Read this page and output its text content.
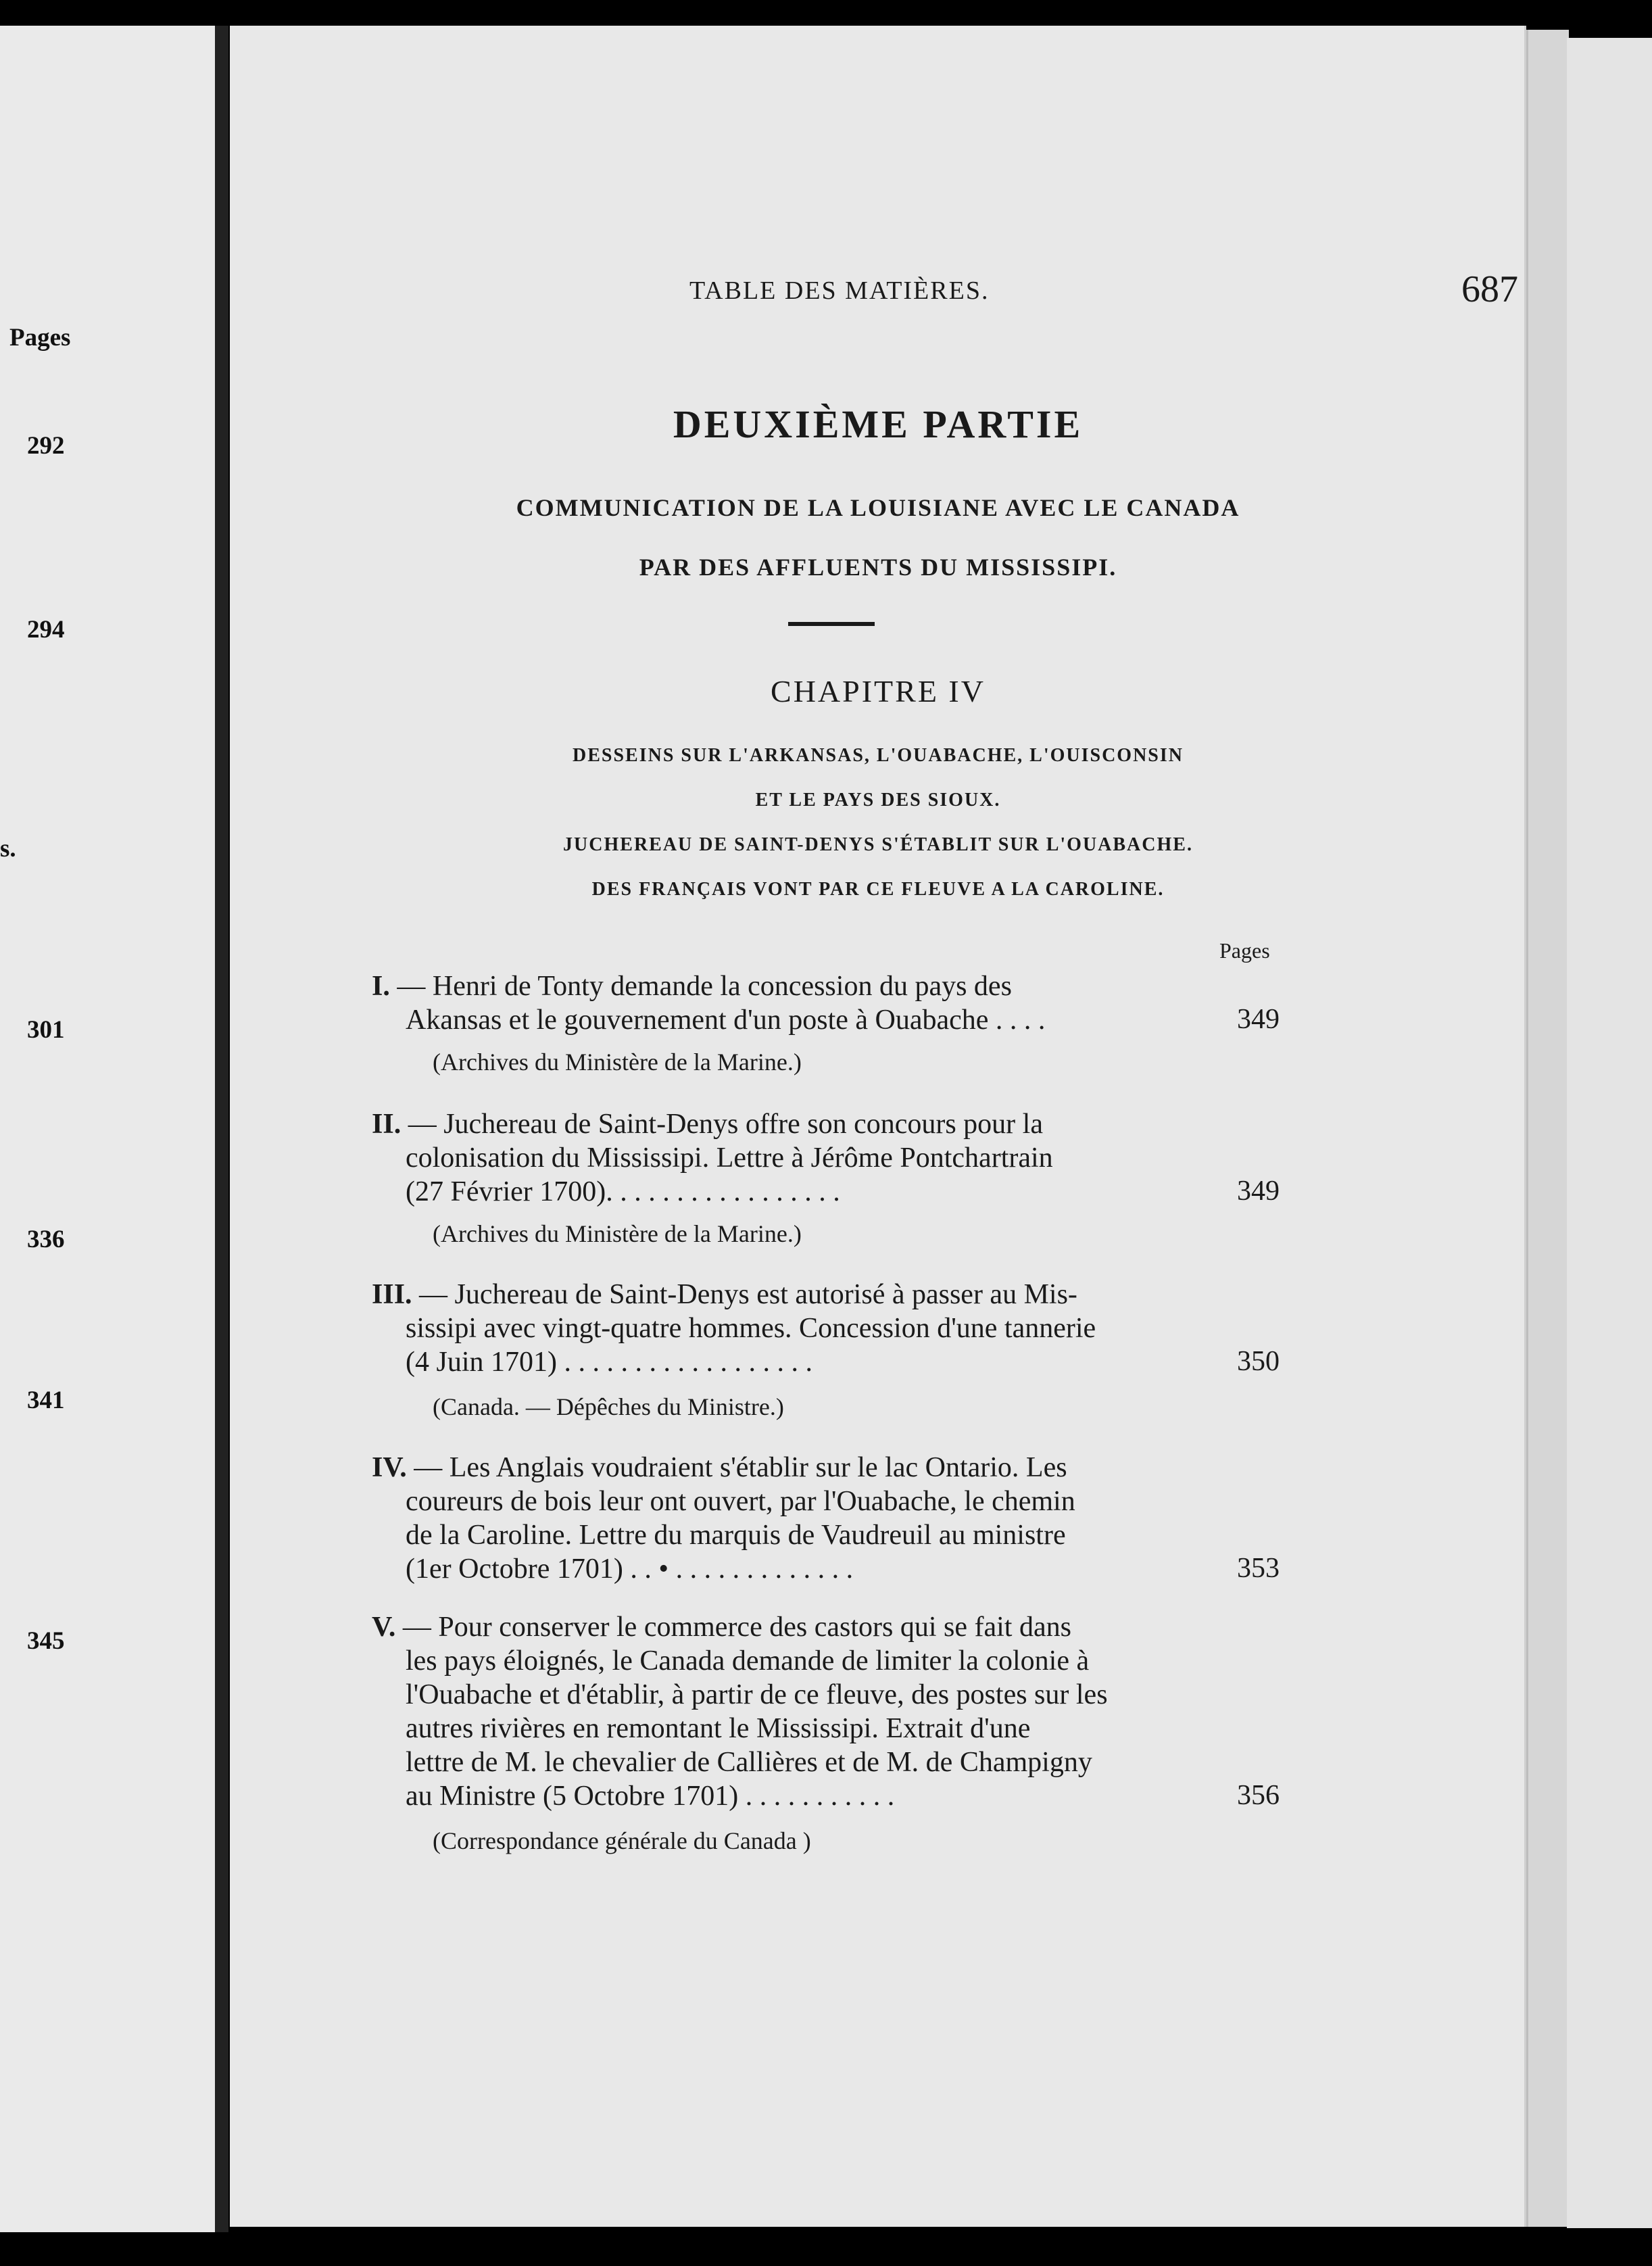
Pages
292
294
s.
301
336
341
345
TABLE DES MATIÈRES.	687
DEUXIÈME PARTIE
COMMUNICATION DE LA LOUISIANE AVEC LE CANADA
PAR DES AFFLUENTS DU MISSISSIPI.
CHAPITRE IV
DESSEINS SUR L'ARKANSAS, L'OUABACHE, L'OUISCONSIN
ET LE PAYS DES SIOUX.
JUCHEREAU DE SAINT-DENYS S'ÉTABLIT SUR L'OUABACHE.
DES FRANÇAIS VONT PAR CE FLEUVE A LA CAROLINE.
Pages
I. — Henri de Tonty demande la concession du pays des
Akansas et le gouvernement d'un poste à Ouabache . . . .	349
(Archives du Ministère de la Marine.)
II. — Juchereau de Saint-Denys offre son concours pour la
colonisation du Mississipi. Lettre à Jérôme Pontchartrain
(27 Février 1700). . . . . . . . . . . . . . . . .	349
(Archives du Ministère de la Marine.)
III. — Juchereau de Saint-Denys est autorisé à passer au Mis-
sissipi avec vingt-quatre hommes. Concession d'une tannerie
(4 Juin 1701) . . . . . . . . . . . . . . . . . .	350
(Canada. — Dépêches du Ministre.)
IV. — Les Anglais voudraient s'établir sur le lac Ontario. Les
coureurs de bois leur ont ouvert, par l'Ouabache, le chemin
de la Caroline. Lettre du marquis de Vaudreuil au ministre
(1er Octobre 1701) . . • . . . . . . . . . . . . .	353
V. — Pour conserver le commerce des castors qui se fait dans
les pays éloignés, le Canada demande de limiter la colonie à
l'Ouabache et d'établir, à partir de ce fleuve, des postes sur les
autres rivières en remontant le Mississipi. Extrait d'une
lettre de M. le chevalier de Callières et de M. de Champigny
au Ministre (5 Octobre 1701) . . . . . . . . . . .	356
(Correspondance générale du Canada )
